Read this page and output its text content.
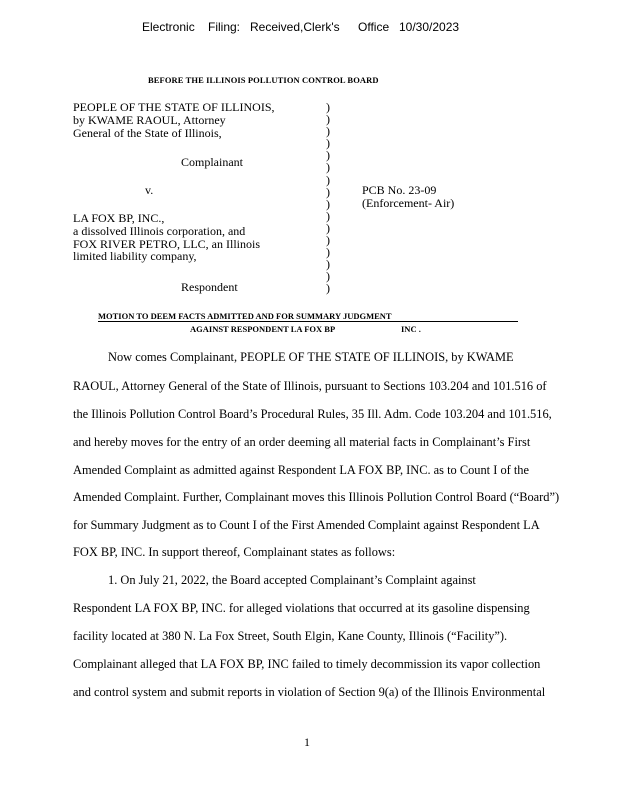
Electronic Filing: Received,Clerk's Office 10/30/2023
BEFORE THE ILLINOIS POLLUTION CONTROL BOARD
PEOPLE OF THE STATE OF ILLINOIS,
by KWAME RAOUL, Attorney
General of the State of Illinois,
Complainant
v.	PCB No. 23-09
(Enforcement- Air)
LA FOX BP, INC.,
a dissolved Illinois corporation, and
FOX RIVER PETRO, LLC, an Illinois
limited liability company,
Respondent
)
)
)
)
)
)
)
)
)
)
)
)
)
)
)
)
MOTION TO DEEM FACTS ADMITTED AND FOR SUMMARY JUDGMENT
AGAINST RESPONDENT LA FOX BP	INC .
Now comes Complainant, PEOPLE OF THE STATE OF ILLINOIS, by KWAME
RAOUL, Attorney General of the State of Illinois, pursuant to Sections 103.204 and 101.516 of
the Illinois Pollution Control Board’s Procedural Rules, 35 Ill. Adm. Code 103.204 and 101.516,
and hereby moves for the entry of an order deeming all material facts in Complainant’s First
Amended Complaint as admitted against Respondent LA FOX BP, INC. as to Count I of the
Amended Complaint. Further, Complainant moves this Illinois Pollution Control Board (“Board”)
for Summary Judgment as to Count I of the First Amended Complaint against Respondent LA
FOX BP, INC. In support thereof, Complainant states as follows:
1. On July 21, 2022, the Board accepted Complainant’s Complaint against
Respondent LA FOX BP, INC. for alleged violations that occurred at its gasoline dispensing
facility located at 380 N. La Fox Street, South Elgin, Kane County, Illinois (“Facility”).
Complainant alleged that LA FOX BP, INC failed to timely decommission its vapor collection
and control system and submit reports in violation of Section 9(a) of the Illinois Environmental
1
